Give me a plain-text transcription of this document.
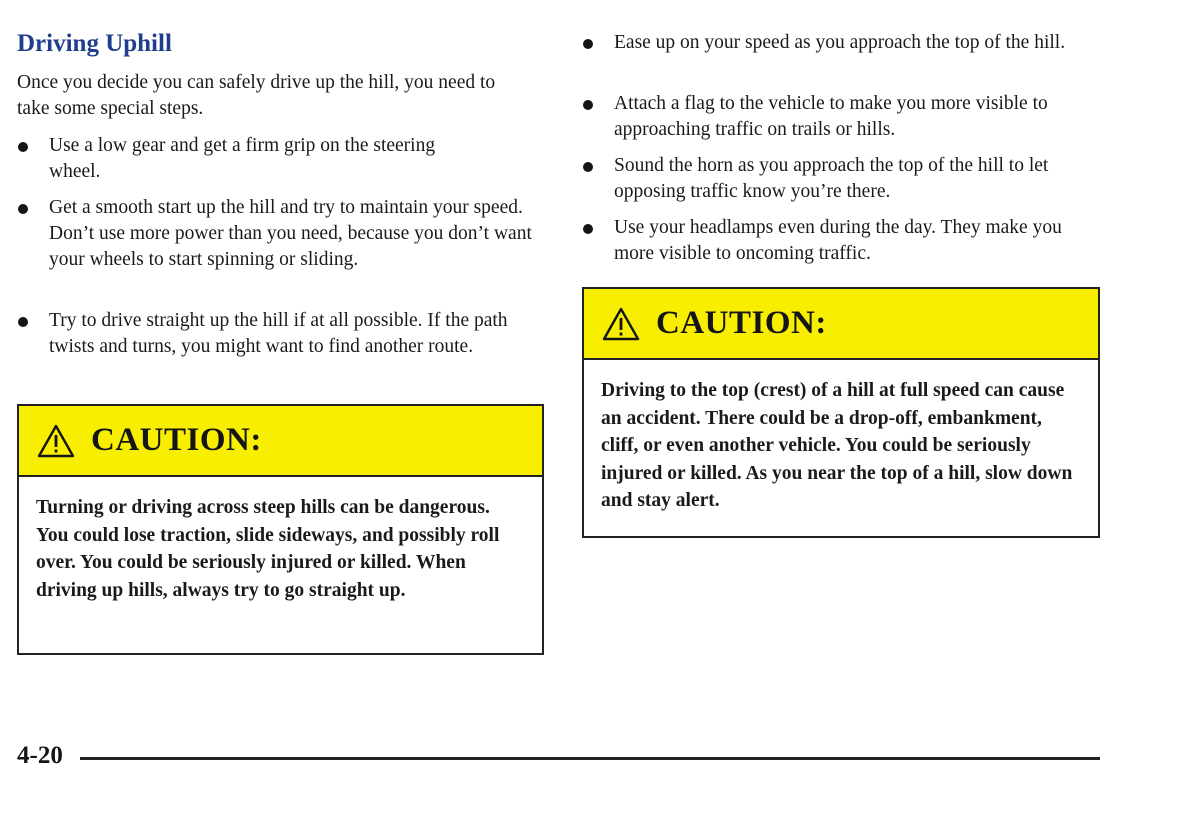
Driving Uphill

Once you decide you can safely drive up the hill, you need to take some special steps.

Use a low gear and get a firm grip on the steering wheel.
Get a smooth start up the hill and try to maintain your speed. Don’t use more power than you need, because you don’t want your wheels to start spinning or sliding.
Try to drive straight up the hill if at all possible. If the path twists and turns, you might want to find another route.
CAUTION:

Turning or driving across steep hills can be dangerous. You could lose traction, slide sideways, and possibly roll over. You could be seriously injured or killed. When driving up hills, always try to go straight up.

Ease up on your speed as you approach the top of the hill.
Attach a flag to the vehicle to make you more visible to approaching traffic on trails or hills.
Sound the horn as you approach the top of the hill to let opposing traffic know you’re there.
Use your headlamps even during the day. They make you more visible to oncoming traffic.
CAUTION:

Driving to the top (crest) of a hill at full speed can cause an accident. There could be a drop-off, embankment, cliff, or even another vehicle. You could be seriously injured or killed. As you near the top of a hill, slow down and stay alert.

4-20
